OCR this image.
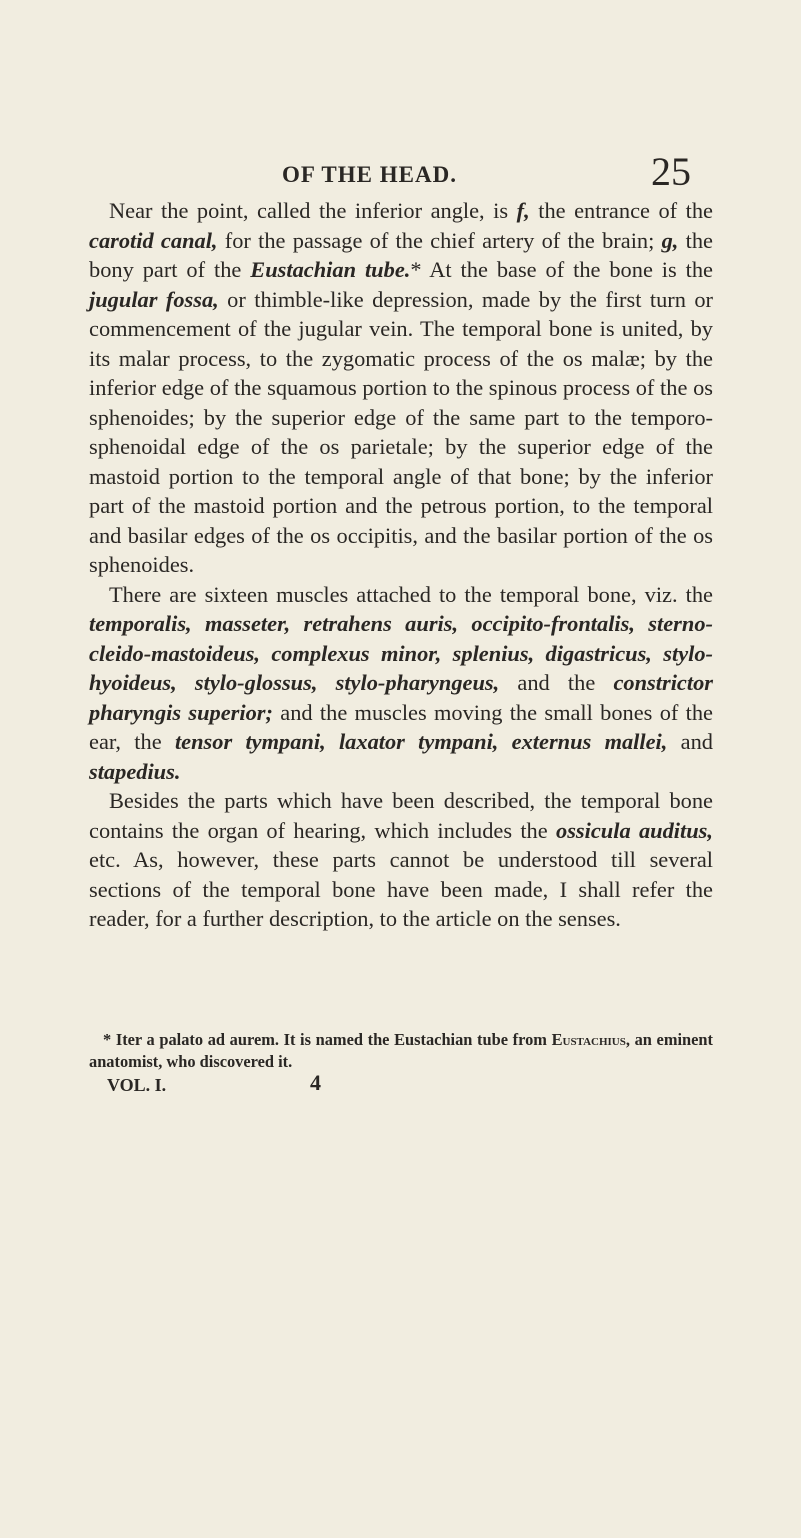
OF THE HEAD.	25

Near the point, called the inferior angle, is f, the entrance of the carotid canal, for the passage of the chief artery of the brain; g, the bony part of the Eustachian tube.* At the base of the bone is the jugular fossa, or thimble-like depression, made by the first turn or commencement of the jugular vein. The temporal bone is united, by its malar process, to the zygomatic process of the os malæ; by the inferior edge of the squamous portion to the spinous process of the os sphenoides; by the superior edge of the same part to the temporo-sphenoidal edge of the os parietale; by the superior edge of the mastoid portion to the temporal angle of that bone; by the inferior part of the mastoid portion and the petrous portion, to the temporal and basilar edges of the os occipitis, and the basilar portion of the os sphenoides.

There are sixteen muscles attached to the temporal bone, viz. the temporalis, masseter, retrahens auris, occipito-frontalis, sterno-cleido-mastoideus, complexus minor, splenius, digastricus, stylo-hyoideus, stylo-glossus, stylo-pharyngeus, and the constrictor pharyngis superior; and the muscles moving the small bones of the ear, the tensor tympani, laxator tympani, externus mallei, and stapedius.

Besides the parts which have been described, the temporal bone contains the organ of hearing, which includes the ossicula auditus, etc. As, however, these parts cannot be understood till several sections of the temporal bone have been made, I shall refer the reader, for a further description, to the article on the senses.

* Iter a palato ad aurem. It is named the Eustachian tube from Eustachius, an eminent anatomist, who discovered it.

VOL. I.	4
